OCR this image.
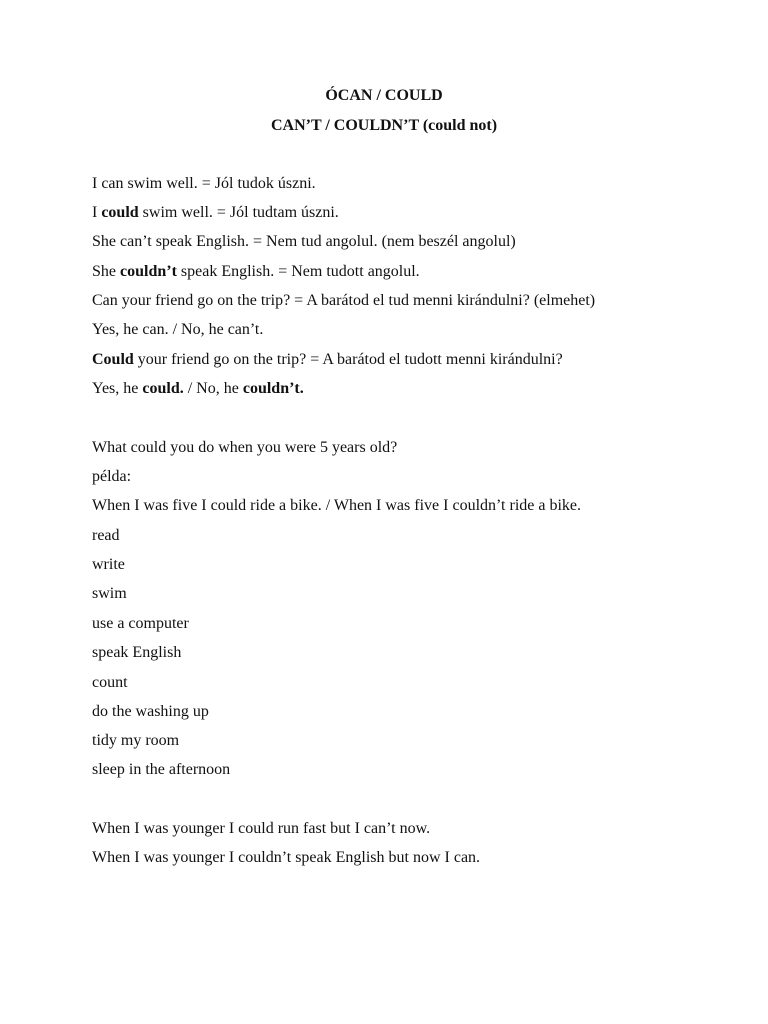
ÓCAN / COULD
CAN’T / COULDN’T (could not)
I can swim well. = Jól tudok úszni.
I could swim well. = Jól tudtam úszni.
She can’t speak English. = Nem tud angolul. (nem beszél angolul)
She couldn’t speak English. = Nem tudott angolul.
Can your friend go on the trip? = A barátod el tud menni kirándulni? (elmehet)
Yes, he can. / No, he can’t.
Could your friend go on the trip? = A barátod el tudott menni kirándulni?
Yes, he could. / No, he couldn’t.
What could you do when you were 5 years old?
példa:
When I was five I could ride a bike. / When I was five I couldn’t ride a bike.
read
write
swim
use a computer
speak English
count
do the washing up
tidy my room
sleep in the afternoon
When I was younger I could run fast but I can’t now.
When I was younger I couldn’t speak English but now I can.
